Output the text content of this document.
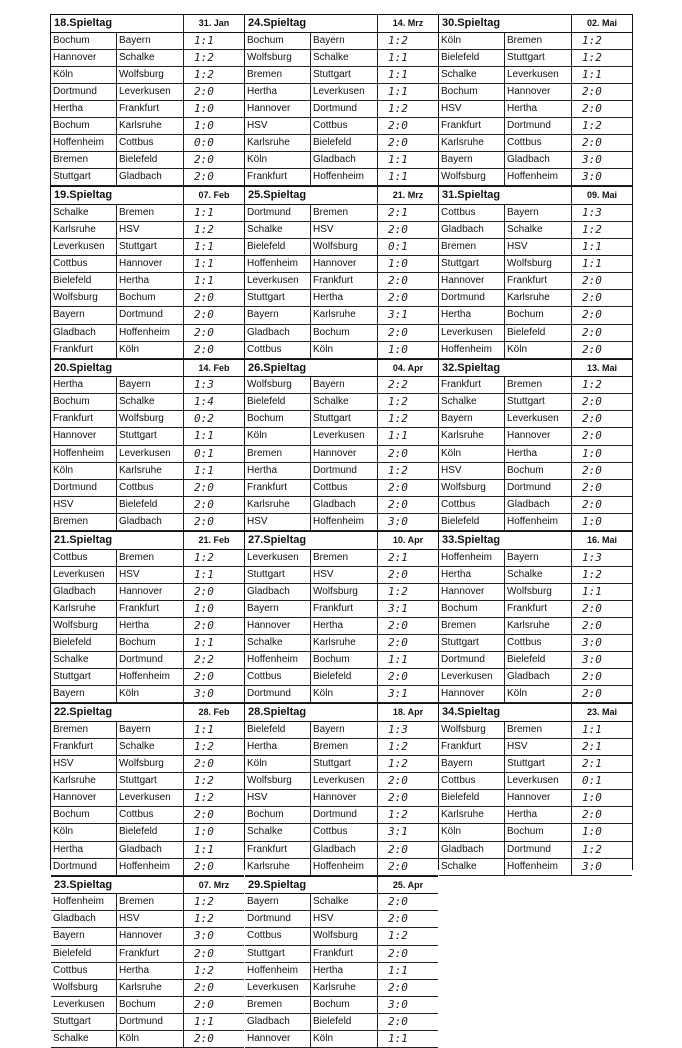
18.Spieltag	31. Jan
Bochum	Bayern	1:1
Hannover	Schalke	1:2
Köln	Wolfsburg	1:2
Dortmund	Leverkusen	2:0
Hertha	Frankfurt	1:0
Bochum	Karlsruhe	1:0
Hoffenheim	Cottbus	0:0
Bremen	Bielefeld	2:0
Stuttgart	Gladbach	2:0
19.Spieltag	07. Feb
Schalke	Bremen	1:1
Karlsruhe	HSV	1:2
Leverkusen	Stuttgart	1:1
Cottbus	Hannover	1:1
Bielefeld	Hertha	1:1
Wolfsburg	Bochum	2:0
Bayern	Dortmund	2:0
Gladbach	Hoffenheim	2:0
Frankfurt	Köln	2:0
20.Spieltag	14. Feb
Hertha	Bayern	1:3
Bochum	Schalke	1:4
Frankfurt	Wolfsburg	0:2
Hannover	Stuttgart	1:1
Hoffenheim	Leverkusen	0:1
Köln	Karlsruhe	1:1
Dortmund	Cottbus	2:0
HSV	Bielefeld	2:0
Bremen	Gladbach	2:0
21.Spieltag	21. Feb
Cottbus	Bremen	1:2
Leverkusen	HSV	1:1
Gladbach	Hannover	2:0
Karlsruhe	Frankfurt	1:0
Wolfsburg	Hertha	2:0
Bielefeld	Bochum	1:1
Schalke	Dortmund	2:2
Stuttgart	Hoffenheim	2:0
Bayern	Köln	3:0
22.Spieltag	28. Feb
Bremen	Bayern	1:1
Frankfurt	Schalke	1:2
HSV	Wolfsburg	2:0
Karlsruhe	Stuttgart	1:2
Hannover	Leverkusen	1:2
Bochum	Cottbus	2:0
Köln	Bielefeld	1:0
Hertha	Gladbach	1:1
Dortmund	Hoffenheim	2:0
23.Spieltag	07. Mrz
Hoffenheim	Bremen	1:2
Gladbach	HSV	1:2
Bayern	Hannover	3:0
Bielefeld	Frankfurt	2:0
Cottbus	Hertha	1:2
Wolfsburg	Karlsruhe	2:0
Leverkusen	Bochum	2:0
Stuttgart	Dortmund	1:1
Schalke	Köln	2:0
24.Spieltag	14. Mrz
Bochum	Bayern	1:2
Wolfsburg	Schalke	1:1
Bremen	Stuttgart	1:1
Hertha	Leverkusen	1:1
Hannover	Dortmund	1:2
HSV	Cottbus	2:0
Karlsruhe	Bielefeld	2:0
Köln	Gladbach	1:1
Frankfurt	Hoffenheim	1:1
25.Spieltag	21. Mrz
Dortmund	Bremen	2:1
Schalke	HSV	2:0
Bielefeld	Wolfsburg	0:1
Hoffenheim	Hannover	1:0
Leverkusen	Frankfurt	2:0
Stuttgart	Hertha	2:0
Bayern	Karlsruhe	3:1
Gladbach	Bochum	2:0
Cottbus	Köln	1:0
26.Spieltag	04. Apr
Wolfsburg	Bayern	2:2
Bielefeld	Schalke	1:2
Bochum	Stuttgart	1:2
Köln	Leverkusen	1:1
Bremen	Hannover	2:0
Hertha	Dortmund	1:2
Frankfurt	Cottbus	2:0
Karlsruhe	Gladbach	2:0
HSV	Hoffenheim	3:0
27.Spieltag	10. Apr
Leverkusen	Bremen	2:1
Stuttgart	HSV	2:0
Gladbach	Wolfsburg	1:2
Bayern	Frankfurt	3:1
Hannover	Hertha	2:0
Schalke	Karlsruhe	2:0
Hoffenheim	Bochum	1:1
Cottbus	Bielefeld	2:0
Dortmund	Köln	3:1
28.Spieltag	18. Apr
Bielefeld	Bayern	1:3
Hertha	Bremen	1:2
Köln	Stuttgart	1:2
Wolfsburg	Leverkusen	2:0
HSV	Hannover	2:0
Bochum	Dortmund	1:2
Schalke	Cottbus	3:1
Frankfurt	Gladbach	2:0
Karlsruhe	Hoffenheim	2:0
29.Spieltag	25. Apr
Bayern	Schalke	2:0
Dortmund	HSV	2:0
Cottbus	Wolfsburg	1:2
Stuttgart	Frankfurt	2:0
Hoffenheim	Hertha	1:1
Leverkusen	Karlsruhe	2:0
Bremen	Bochum	3:0
Gladbach	Bielefeld	2:0
Hannover	Köln	1:1
30.Spieltag	02. Mai
Köln	Bremen	1:2
Bielefeld	Stuttgart	1:2
Schalke	Leverkusen	1:1
Bochum	Hannover	2:0
HSV	Hertha	2:0
Frankfurt	Dortmund	1:2
Karlsruhe	Cottbus	2:0
Bayern	Gladbach	3:0
Wolfsburg	Hoffenheim	3:0
31.Spieltag	09. Mai
Cottbus	Bayern	1:3
Gladbach	Schalke	1:2
Bremen	HSV	1:1
Stuttgart	Wolfsburg	1:1
Hannover	Frankfurt	2:0
Dortmund	Karlsruhe	2:0
Hertha	Bochum	2:0
Leverkusen	Bielefeld	2:0
Hoffenheim	Köln	2:0
32.Spieltag	13. Mai
Frankfurt	Bremen	1:2
Schalke	Stuttgart	2:0
Bayern	Leverkusen	2:0
Karlsruhe	Hannover	2:0
Köln	Hertha	1:0
HSV	Bochum	2:0
Wolfsburg	Dortmund	2:0
Cottbus	Gladbach	2:0
Bielefeld	Hoffenheim	1:0
33.Spieltag	16. Mai
Hoffenheim	Bayern	1:3
Hertha	Schalke	1:2
Hannover	Wolfsburg	1:1
Bochum	Frankfurt	2:0
Bremen	Karlsruhe	2:0
Stuttgart	Cottbus	3:0
Dortmund	Bielefeld	3:0
Leverkusen	Gladbach	2:0
Hannover	Köln	2:0
34.Spieltag	23. Mai
Wolfsburg	Bremen	1:1
Frankfurt	HSV	2:1
Bayern	Stuttgart	2:1
Cottbus	Leverkusen	0:1
Bielefeld	Hannover	1:0
Karlsruhe	Hertha	2:0
Köln	Bochum	1:0
Gladbach	Dortmund	1:2
Schalke	Hoffenheim	3:0
